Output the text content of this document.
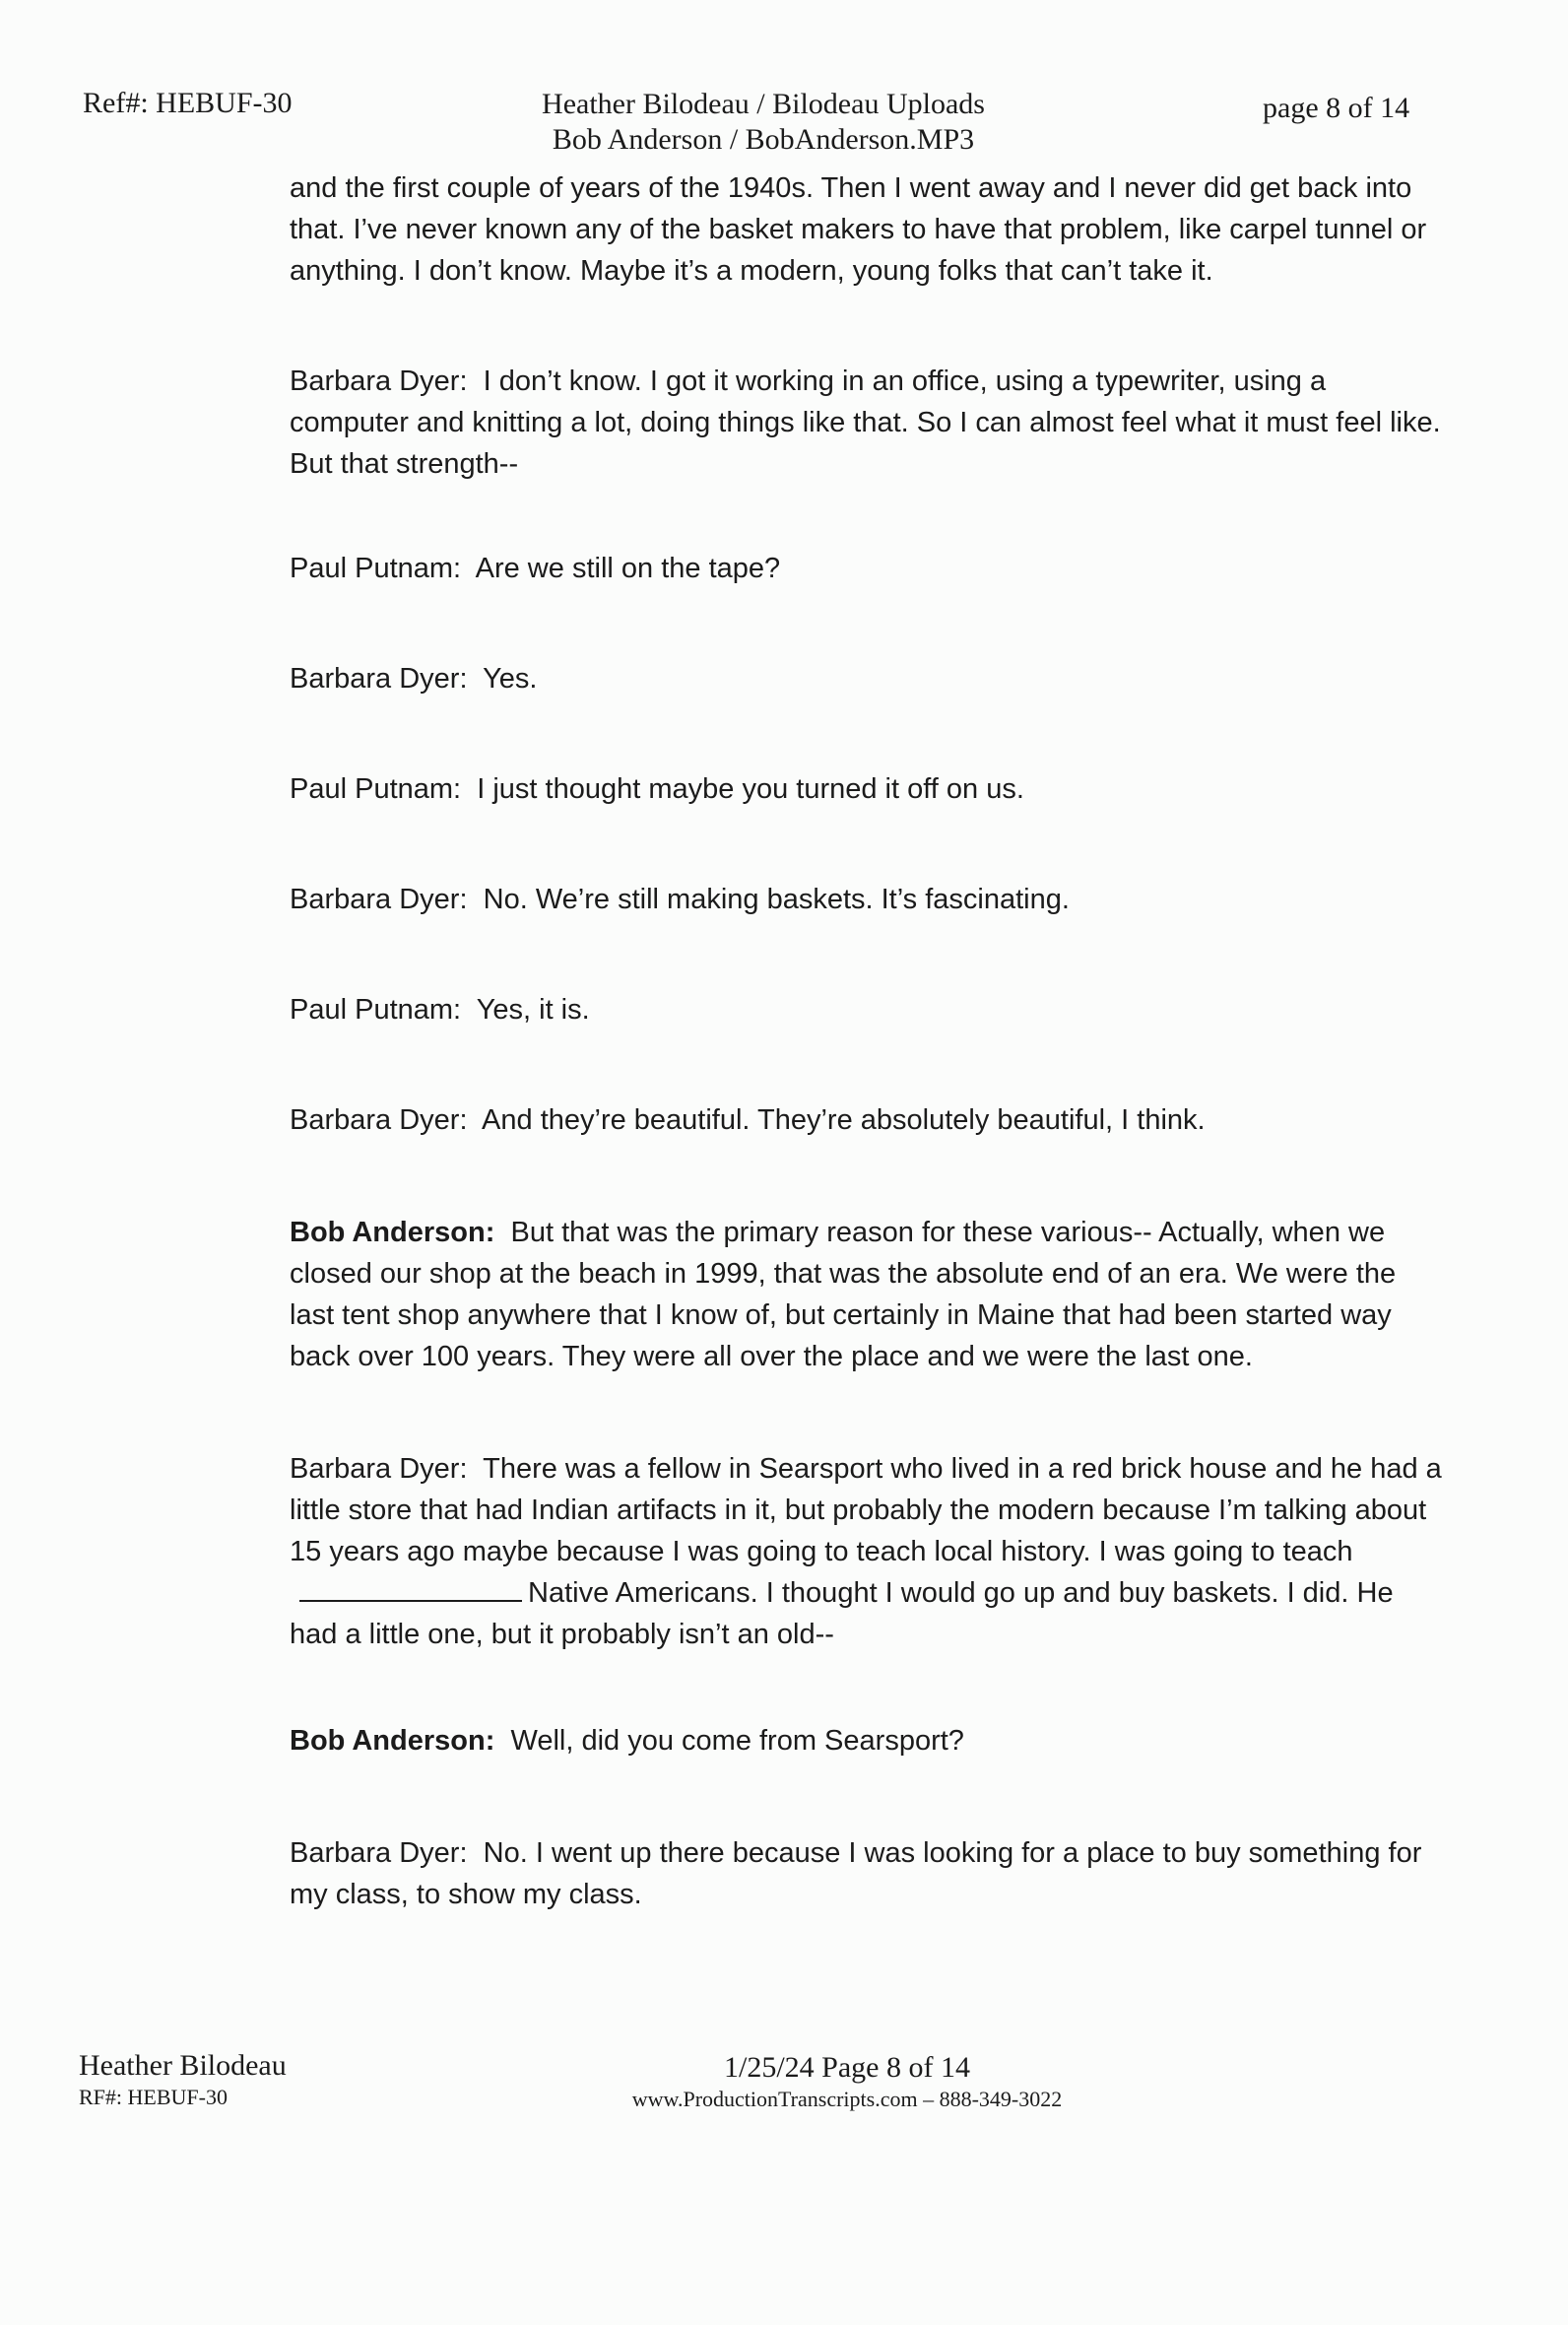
Ref#: HEBUF-30	Heather Bilodeau / Bilodeau Uploads
Bob Anderson / BobAnderson.MP3
page 8 of 14

and the first couple of years of the 1940s. Then I went away and I never did get back into that. I’ve never known any of the basket makers to have that problem, like carpel tunnel or anything. I don’t know. Maybe it’s a modern, young folks that can’t take it.

Barbara Dyer: I don’t know. I got it working in an office, using a typewriter, using a computer and knitting a lot, doing things like that. So I can almost feel what it must feel like. But that strength--

Paul Putnam: Are we still on the tape?

Barbara Dyer: Yes.

Paul Putnam: I just thought maybe you turned it off on us.

Barbara Dyer: No. We’re still making baskets. It’s fascinating.

Paul Putnam: Yes, it is.

Barbara Dyer: And they’re beautiful. They’re absolutely beautiful, I think.

Bob Anderson: But that was the primary reason for these various-- Actually, when we closed our shop at the beach in 1999, that was the absolute end of an era. We were the last tent shop anywhere that I know of, but certainly in Maine that had been started way back over 100 years. They were all over the place and we were the last one.

Barbara Dyer: There was a fellow in Searsport who lived in a red brick house and he had a little store that had Indian artifacts in it, but probably the modern because I’m talking about 15 years ago maybe because I was going to teach local history. I was going to teachNative Americans. I thought I would go up and buy baskets. I did. He had a little one, but it probably isn’t an old--

Bob Anderson: Well, did you come from Searsport?

Barbara Dyer: No. I went up there because I was looking for a place to buy something for my class, to show my class.

Heather Bilodeau
RF#: HEBUF-30
1/25/24 Page 8 of 14
www.ProductionTranscripts.com – 888-349-3022
